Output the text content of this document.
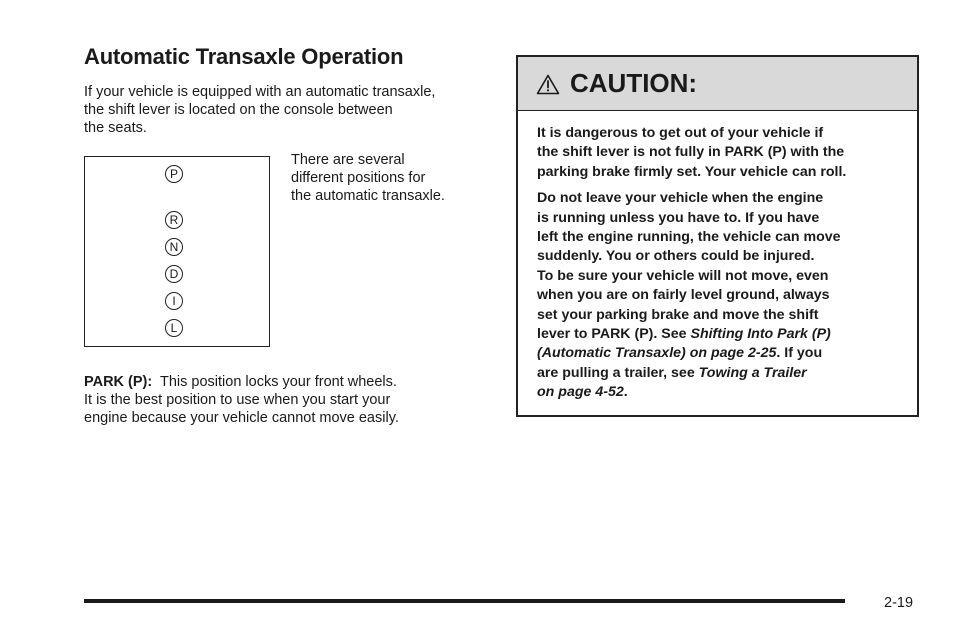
Automatic Transaxle Operation
If your vehicle is equipped with an automatic transaxle,
the shift lever is located on the console between
the seats.
P
R
N
D
I
L
There are several
different positions for
the automatic transaxle.
PARK (P): This position locks your front wheels.
It is the best position to use when you start your
engine because your vehicle cannot move easily.
CAUTION:
It is dangerous to get out of your vehicle if
the shift lever is not fully in PARK (P) with the
parking brake firmly set. Your vehicle can roll.
Do not leave your vehicle when the engine
is running unless you have to. If you have
left the engine running, the vehicle can move
suddenly. You or others could be injured.
To be sure your vehicle will not move, even
when you are on fairly level ground, always
set your parking brake and move the shift
lever to PARK (P). See Shifting Into Park (P)
(Automatic Transaxle) on page 2-25. If you
are pulling a trailer, see Towing a Trailer
on page 4-52.
2-19
